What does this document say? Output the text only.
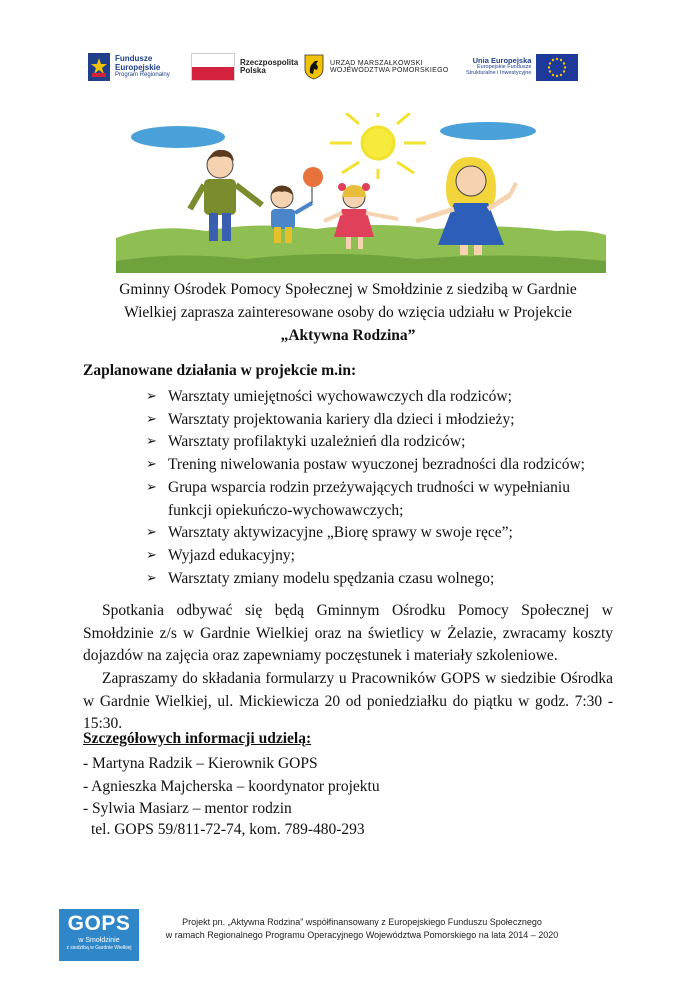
Fundusze
Europejskie
Program Regionalny
Rzeczpospolita
Polska
URZĄD MARSZAŁKOWSKI
WOJEWÓDZTWA POMORSKIEGO
Unia Europejska
Europejskie Fundusze
Strukturalne i Inwestycyjne
Gminny Ośrodek Pomocy Społecznej w Smołdzinie z siedzibą w Gardnie
Wielkiej zaprasza zainteresowane osoby do wzięcia udziału w Projekcie
„Aktywna Rodzina”
Zaplanowane działania w projekcie m.in:
➢ Warsztaty umiejętności wychowawczych dla rodziców;
➢ Warsztaty projektowania kariery dla dzieci i młodzieży;
➢ Warsztaty profilaktyki uzależnień dla rodziców;
➢ Trening niwelowania postaw wyuczonej bezradności dla rodziców;
➢ Grupa wsparcia rodzin przeżywających trudności w wypełnianiu funkcji opiekuńczo-wychowawczych;
➢ Warsztaty aktywizacyjne „Biorę sprawy w swoje ręce”;
➢ Wyjazd edukacyjny;
➢ Warsztaty zmiany modelu spędzania czasu wolnego;

Spotkania odbywać się będą Gminnym Ośrodku Pomocy Społecznej w Smołdzinie z/s w Gardnie Wielkiej oraz na świetlicy w Żelazie, zwracamy koszty dojazdów na zajęcia oraz zapewniamy poczęstunek i materiały szkoleniowe.

Zapraszamy do składania formularzy u Pracowników GOPS w siedzibie Ośrodka w Gardnie Wielkiej, ul. Mickiewicza 20 od poniedziałku do piątku w godz. 7:30 - 15:30.

Szczegółowych informacji udzielą:
- Martyna Radzik – Kierownik GOPS
- Agnieszka Majcherska – koordynator projektu
- Sylwia Masiarz – mentor rodzin
tel. GOPS 59/811-72-74, kom. 789-480-293
GOPS
w Smołdzinie
z siedzibą w Gardnie Wielkiej
Projekt pn. „Aktywna Rodzina” współfinansowany z Europejskiego Funduszu Społecznego
w ramach Regionalnego Programu Operacyjnego Województwa Pomorskiego na lata 2014 – 2020
